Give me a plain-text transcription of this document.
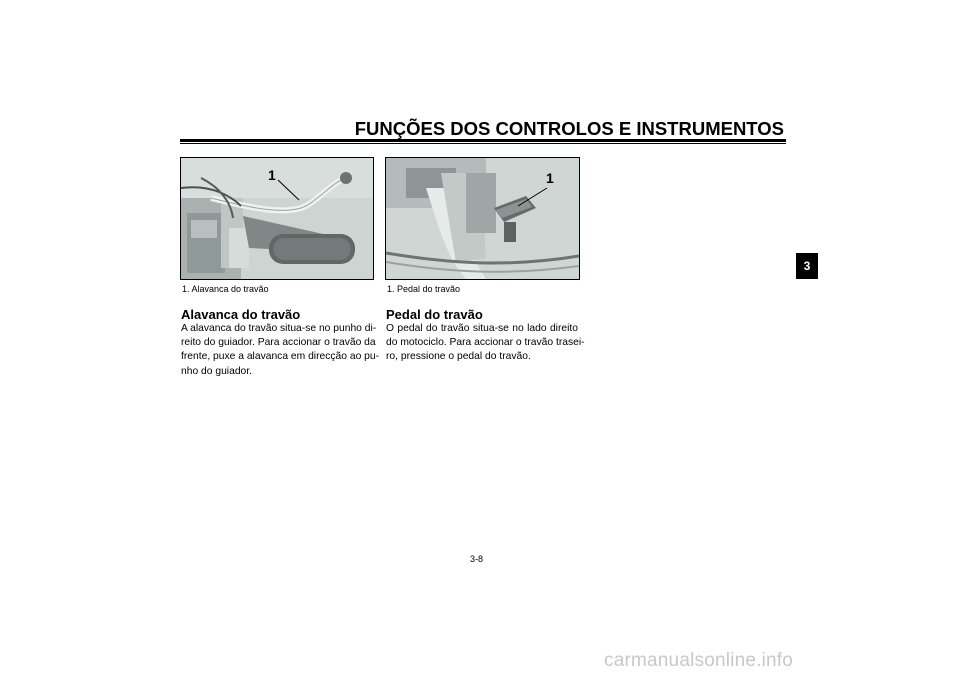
FUNÇÕES DOS CONTROLOS E INSTRUMENTOS
3
1	1
1. Alavanca do travão	1. Pedal do travão
Alavanca do travão	Pedal do travão
A alavanca do travão situa-se no punho di-
reito do guiador. Para accionar o travão da
frente, puxe a alavanca em direcção ao pu-
nho do guiador.
O pedal do travão situa-se no lado direito
do motociclo. Para accionar o travão trasei-
ro, pressione o pedal do travão.
3-8
carmanualsonline.info
